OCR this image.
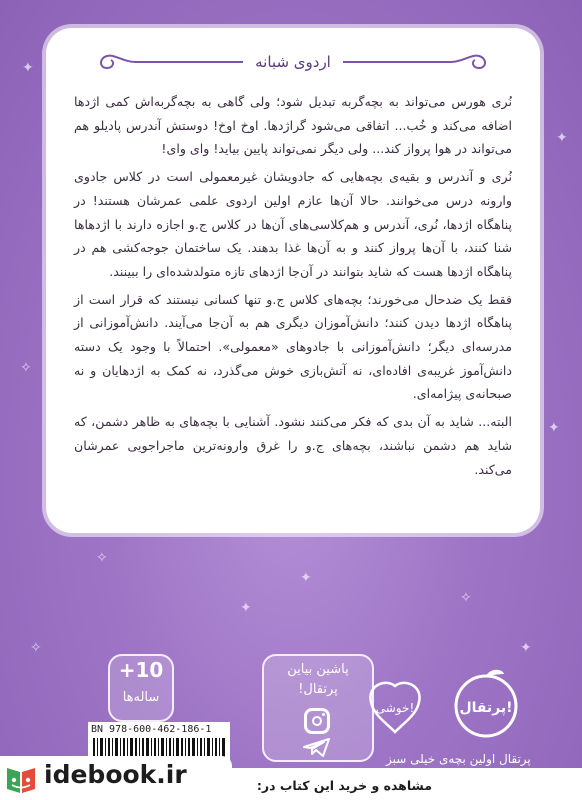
✦
✦
✧
✦
✧
✦
✧
✦
✦
✧
اردوی شبانه

نُری هورس می‌تواند به بچه‌گربه تبدیل شود؛ ولی گاهی به بچه‌گربه‌اش کمی اژدها اضافه می‌کند و خُب... اتفاقی می‌شود گراژدها. اوخ اوخ! دوستش آندرس پادیلو هم می‌تواند در هوا پرواز کند... ولی دیگر نمی‌تواند پایین بیاید! وای وای!

نُری و آندرس و بقیه‌ی بچه‌هایی که جادویشان غیرمعمولی است در کلاس جادوی وارونه درس می‌خوانند. حالا آن‌ها عازم اولین اردوی علمی عمرشان هستند! در پناهگاه اژدها، نُری، آندرس و هم‌کلاسی‌های آن‌ها در کلاس ج.و اجازه دارند با اژدهاها شنا کنند، با آن‌ها پرواز کنند و به آن‌ها غذا بدهند. یک ساختمان جوجه‌کشی هم در پناهگاه اژدها هست که شاید بتوانند در آن‌جا اژدهای تازه متولدشده‌ای را ببینند.

فقط یک ضدحال می‌خورند؛ بچه‌های کلاس ج.و تنها کسانی نیستند که قرار است از پناهگاه اژدها دیدن کنند؛ دانش‌آموزان دیگری هم به آن‌جا می‌آیند. دانش‌آموزانی از مدرسه‌ای دیگر؛ دانش‌آموزانی با جادوهای «معمولی». احتمالاً با وجود یک دسته دانش‌آموز غریبه‌ی افاده‌ای، نه آتش‌بازی خوش می‌گذرد، نه کمک به اژدهایان و نه صبحانه‌ی پیژامه‌ای.

البته... شاید به آن بدی که فکر می‌کنند نشود. آشنایی با بچه‌های به ظاهر دشمن، که شاید هم دشمن نباشند، بچه‌های ج.و را غرق وارونه‌ترین ماجراجویی عمرشان می‌کند.

+10
ساله‌ها
پاشین بیاین
پرتقال!
خوشی!	پرتقال!
پرتقال اولین بچه‌ی خیلی سبز
BN 978-600-462-186-1
مشاهده و خرید این کتاب در:
idebook.ir
